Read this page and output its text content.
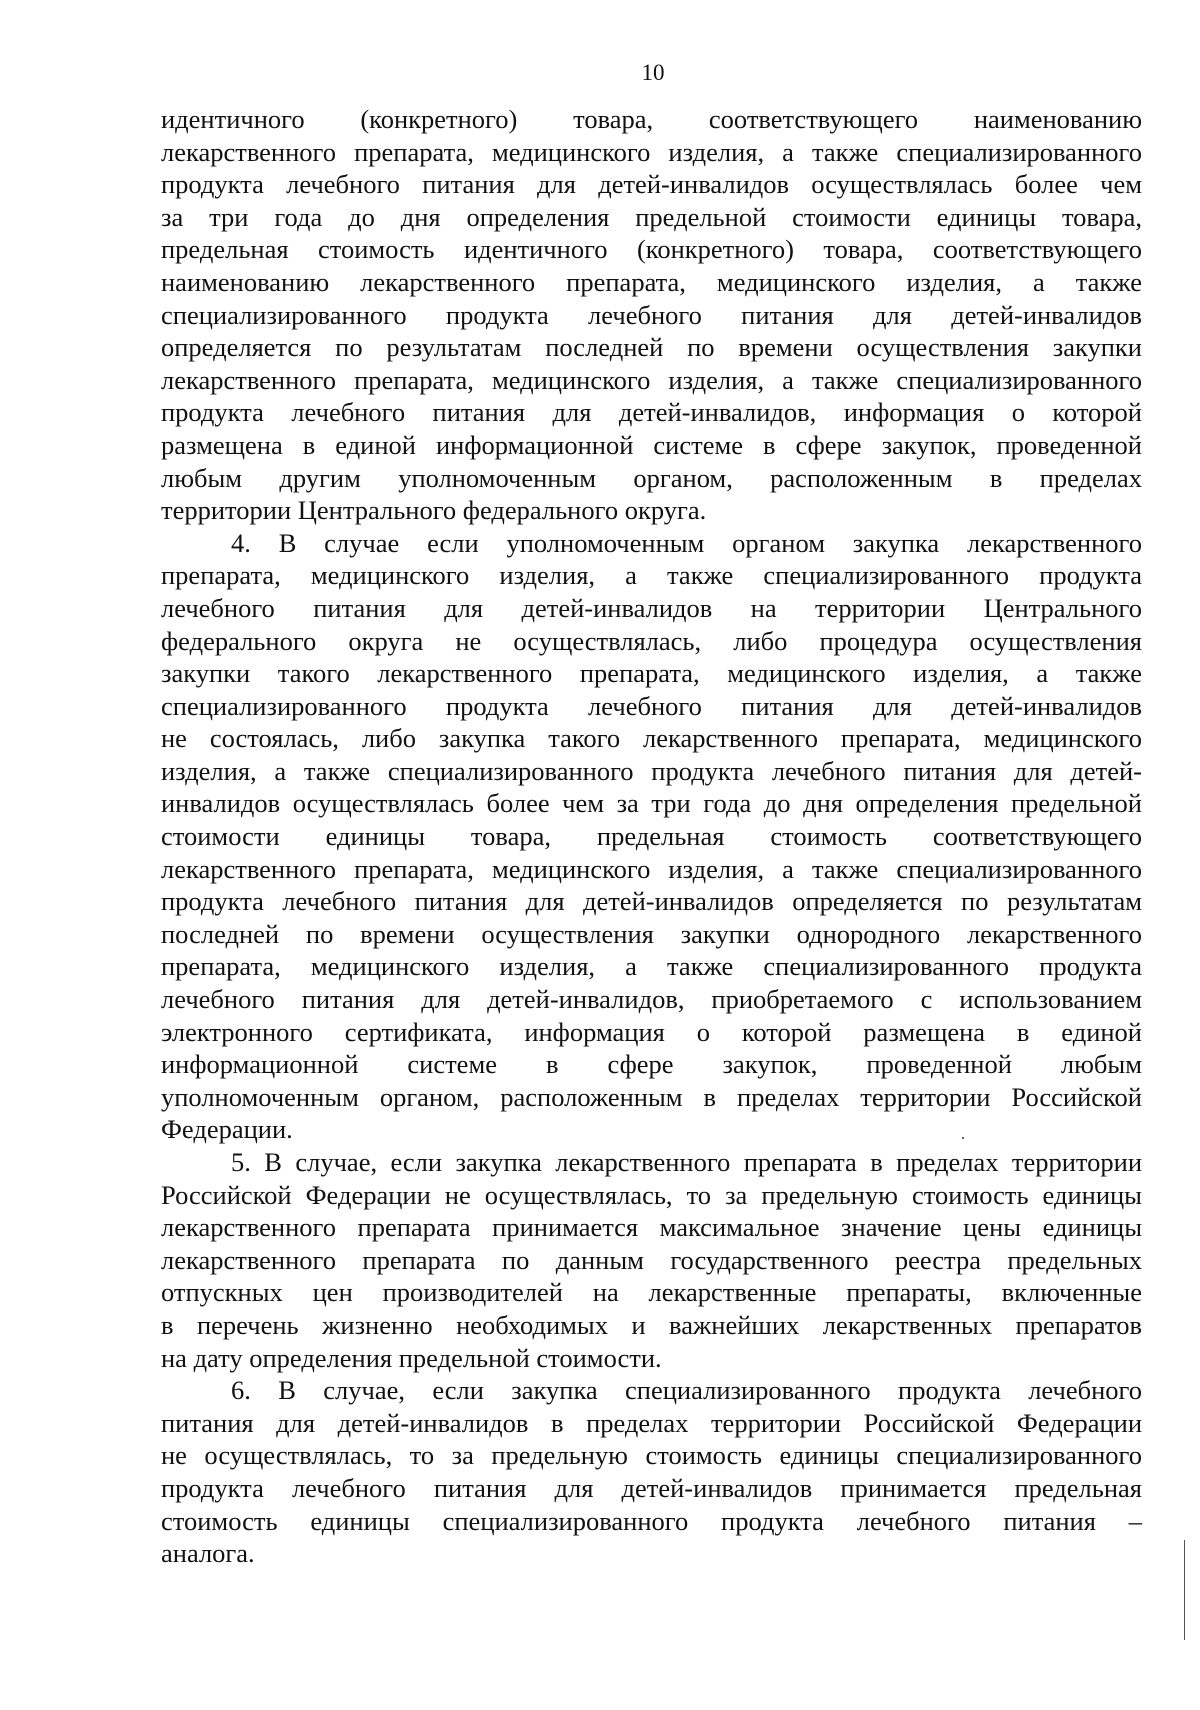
10

идентичного (конкретного) товара, соответствующего наименованию
лекарственного препарата, медицинского изделия, а также специализированного
продукта лечебного питания для детей-инвалидов осуществлялась более чем
за три года до дня определения предельной стоимости единицы товара,
предельная стоимость идентичного (конкретного) товара, соответствующего
наименованию лекарственного препарата, медицинского изделия, а также
специализированного продукта лечебного питания для детей-инвалидов
определяется по результатам последней по времени осуществления закупки
лекарственного препарата, медицинского изделия, а также специализированного
продукта лечебного питания для детей-инвалидов, информация о которой
размещена в единой информационной системе в сфере закупок, проведенной
любым другим уполномоченным органом, расположенным в пределах
территории Центрального федерального округа.

4. В случае если уполномоченным органом закупка лекарственного
препарата, медицинского изделия, а также специализированного продукта
лечебного питания для детей-инвалидов на территории Центрального
федерального округа не осуществлялась, либо процедура осуществления
закупки такого лекарственного препарата, медицинского изделия, а также
специализированного продукта лечебного питания для детей-инвалидов
не состоялась, либо закупка такого лекарственного препарата, медицинского
изделия, а также специализированного продукта лечебного питания для детей-
инвалидов осуществлялась более чем за три года до дня определения предельной
стоимости единицы товара, предельная стоимость соответствующего
лекарственного препарата, медицинского изделия, а также специализированного
продукта лечебного питания для детей-инвалидов определяется по результатам
последней по времени осуществления закупки однородного лекарственного
препарата, медицинского изделия, а также специализированного продукта
лечебного питания для детей-инвалидов, приобретаемого с использованием
электронного сертификата, информация о которой размещена в единой
информационной системе в сфере закупок, проведенной любым
уполномоченным органом, расположенным в пределах территории Российской
Федерации.

5. В случае, если закупка лекарственного препарата в пределах территории
Российской Федерации не осуществлялась, то за предельную стоимость единицы
лекарственного препарата принимается максимальное значение цены единицы
лекарственного препарата по данным государственного реестра предельных
отпускных цен производителей на лекарственные препараты, включенные
в перечень жизненно необходимых и важнейших лекарственных препаратов
на дату определения предельной стоимости.

6. В случае, если закупка специализированного продукта лечебного
питания для детей-инвалидов в пределах территории Российской Федерации
не осуществлялась, то за предельную стоимость единицы специализированного
продукта лечебного питания для детей-инвалидов принимается предельная
стоимость единицы специализированного продукта лечебного питания –
аналога.
